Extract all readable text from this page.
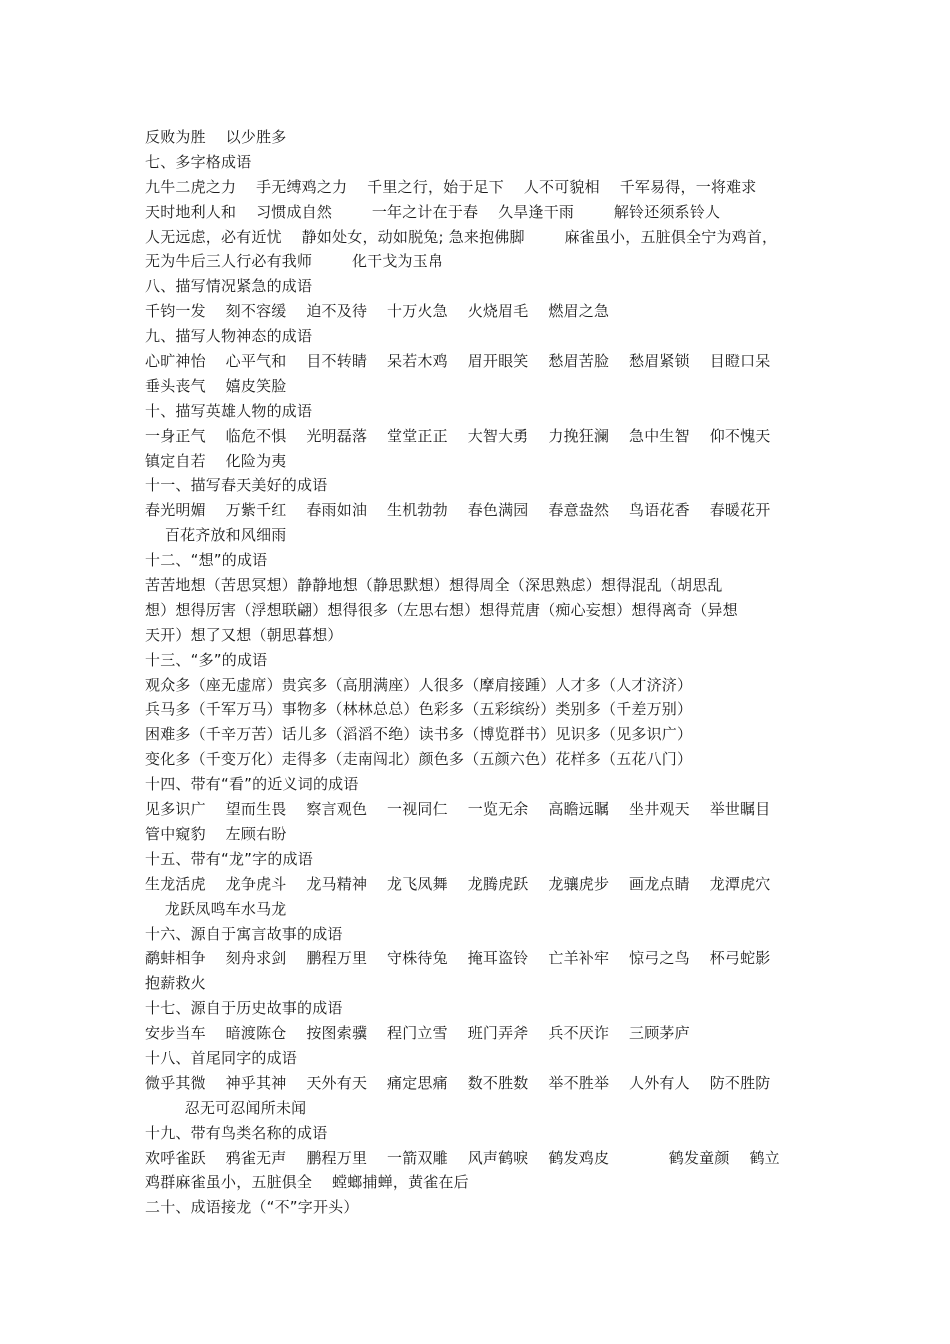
反败为胜    以少胜多
七、多字格成语
九牛二虎之力    手无缚鸡之力    千里之行，始于足下    人不可貌相    千军易得，一将难求
天时地利人和    习惯成自然        一年之计在于春    久旱逢干雨        解铃还须系铃人
人无远虑，必有近忧    静如处女，动如脱兔; 急来抱佛脚        麻雀虽小，五脏俱全宁为鸡首，
无为牛后三人行必有我师        化干戈为玉帛
八、描写情况紧急的成语
千钧一发    刻不容缓    迫不及待    十万火急    火烧眉毛    燃眉之急
九、描写人物神态的成语
心旷神怡    心平气和    目不转睛    呆若木鸡    眉开眼笑    愁眉苦脸    愁眉紧锁    目瞪口呆
垂头丧气    嬉皮笑脸
十、描写英雄人物的成语
一身正气    临危不惧    光明磊落    堂堂正正    大智大勇    力挽狂澜    急中生智    仰不愧天
镇定自若    化险为夷
十一、描写春天美好的成语
春光明媚    万紫千红    春雨如油    生机勃勃    春色满园    春意盎然    鸟语花香    春暖花开
百花齐放和风细雨
十二、“想”的成语
苦苦地想（苦思冥想）静静地想（静思默想）想得周全（深思熟虑）想得混乱（胡思乱
想）想得厉害（浮想联翩）想得很多（左思右想）想得荒唐（痴心妄想）想得离奇（异想
天开）想了又想（朝思暮想）
十三、“多”的成语
观众多（座无虚席）贵宾多（高朋满座）人很多（摩肩接踵）人才多（人才济济）
兵马多（千军万马）事物多（林林总总）色彩多（五彩缤纷）类别多（千差万别）
困难多（千辛万苦）话儿多（滔滔不绝）读书多（博览群书）见识多（见多识广）
变化多（千变万化）走得多（走南闯北）颜色多（五颜六色）花样多（五花八门）
十四、带有“看”的近义词的成语
见多识广    望而生畏    察言观色    一视同仁    一览无余    高瞻远瞩    坐井观天    举世瞩目
管中窥豹    左顾右盼
十五、带有“龙”字的成语
生龙活虎    龙争虎斗    龙马精神    龙飞凤舞    龙腾虎跃    龙骧虎步    画龙点睛    龙潭虎穴
龙跃凤鸣车水马龙
十六、源自于寓言故事的成语
鹬蚌相争    刻舟求剑    鹏程万里    守株待兔    掩耳盗铃    亡羊补牢    惊弓之鸟    杯弓蛇影
抱薪救火
十七、源自于历史故事的成语
安步当车    暗渡陈仓    按图索骥    程门立雪    班门弄斧    兵不厌诈    三顾茅庐
十八、首尾同字的成语
微乎其微    神乎其神    天外有天    痛定思痛    数不胜数    举不胜举    人外有人    防不胜防
忍无可忍闻所未闻
十九、带有鸟类名称的成语
欢呼雀跃    鸦雀无声    鹏程万里    一箭双雕    风声鹤唳    鹤发鸡皮            鹤发童颜    鹤立
鸡群麻雀虽小，五脏俱全    螳螂捕蝉，黄雀在后
二十、成语接龙（“不”字开头）
